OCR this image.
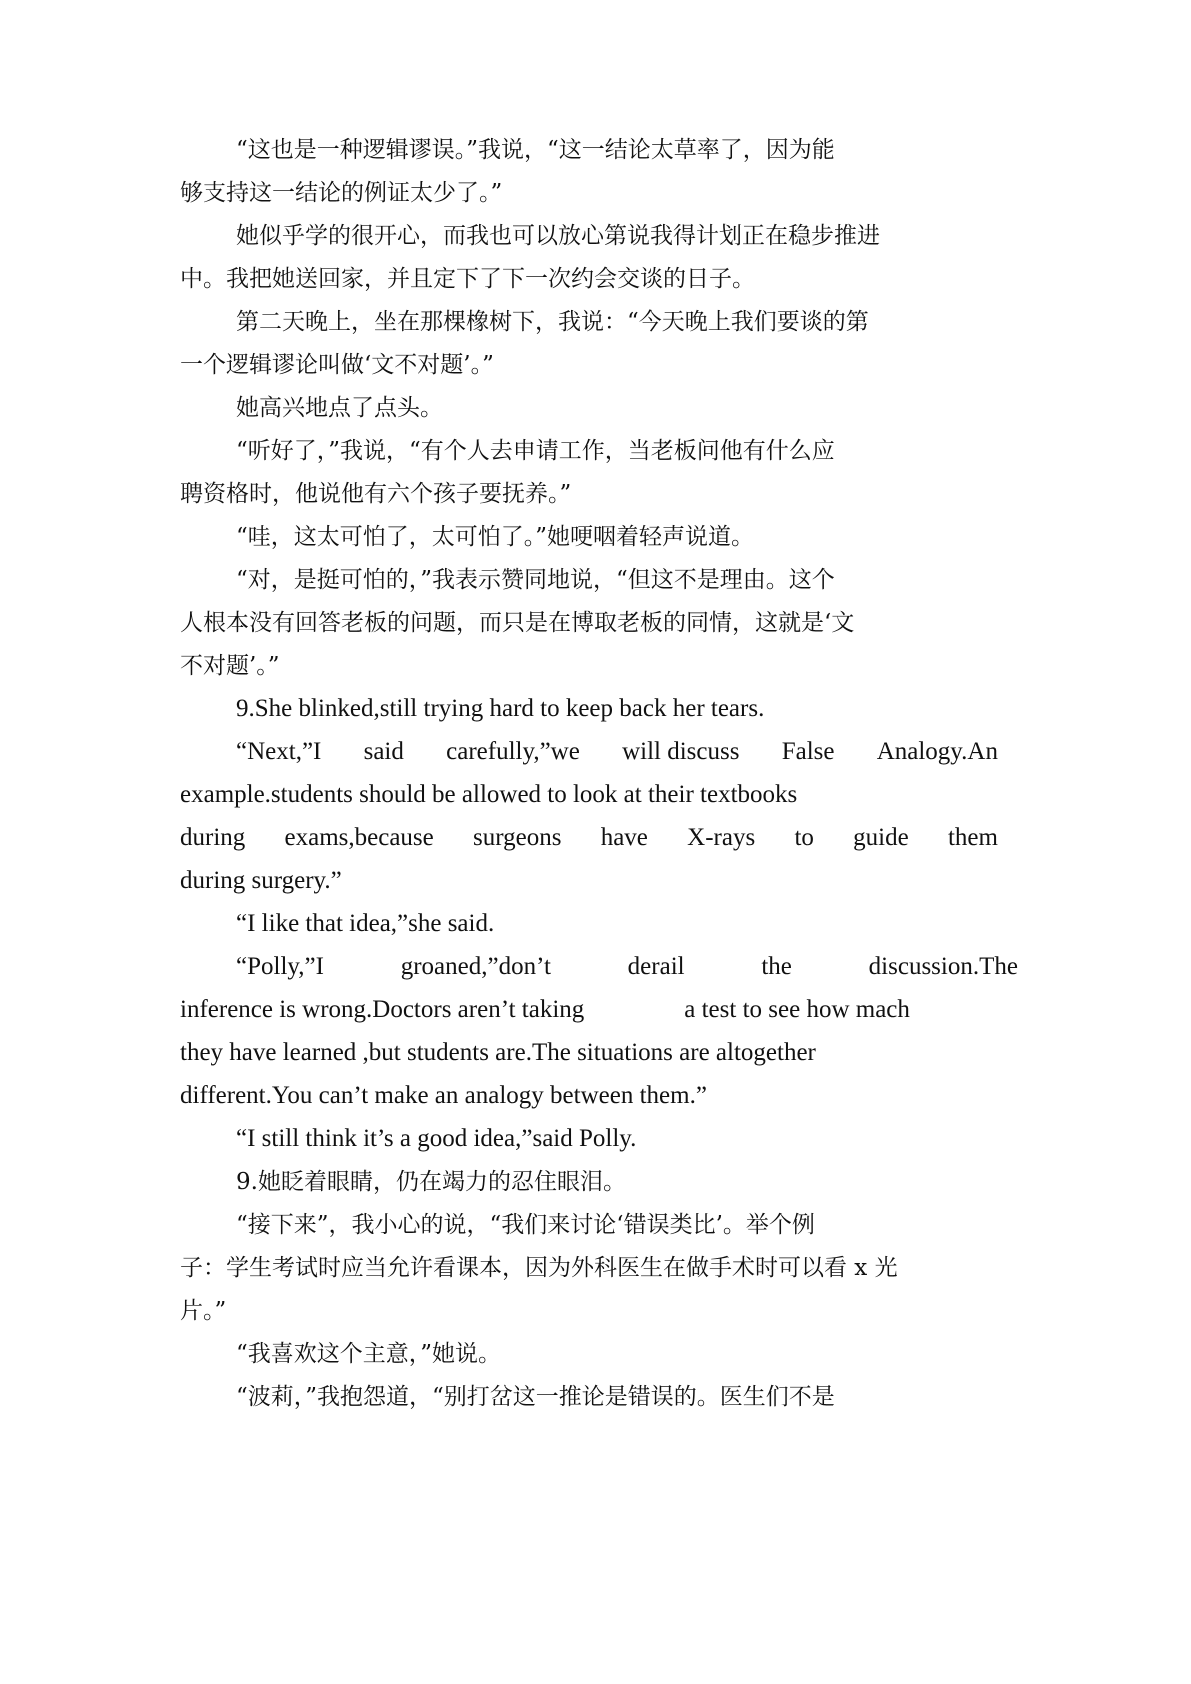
“这也是一种逻辑谬误。”我说，“这一结论太草率了，因为能

够支持这一结论的例证太少了。”

她似乎学的很开心，而我也可以放心第说我得计划正在稳步推进

中。我把她送回家，并且定下了下一次约会交谈的日子。

第二天晚上，坐在那棵橡树下，我说：“今天晚上我们要谈的第

一个逻辑谬论叫做‘文不对题’。”

她高兴地点了点头。

“听好了，”我说，“有个人去申请工作，当老板问他有什么应

聘资格时，他说他有六个孩子要抚养。”

“哇，这太可怕了，太可怕了。”她哽咽着轻声说道。

“对，是挺可怕的，”我表示赞同地说，“但这不是理由。这个

人根本没有回答老板的问题，而只是在博取老板的同情，这就是‘文

不对题’。”

9.She blinked,still trying hard to keep back her tears.

“Next,”I said carefully,”we will discuss False Analogy.An

example.students should be allowed to look at their textbooks

during exams,because surgeons have X-rays to guide them

during surgery.”

“I like that idea,”she said.

“Polly,”I	groaned,”don’t	derail	the	discussion.The

inference is wrong.Doctors aren’t taking                a test to see how mach

they have learned ,but students are.The situations are altogether

different.You can’t make an analogy between them.”

“I still think it’s a good idea,”said Polly.

9.她眨着眼睛，仍在竭力的忍住眼泪。

“接下来”，我小心的说，“我们来讨论‘错误类比’。举个例

子：学生考试时应当允许看课本，因为外科医生在做手术时可以看 x 光

片。”

“我喜欢这个主意，”她说。

“波莉，”我抱怨道，“别打岔这一推论是错误的。医生们不是
